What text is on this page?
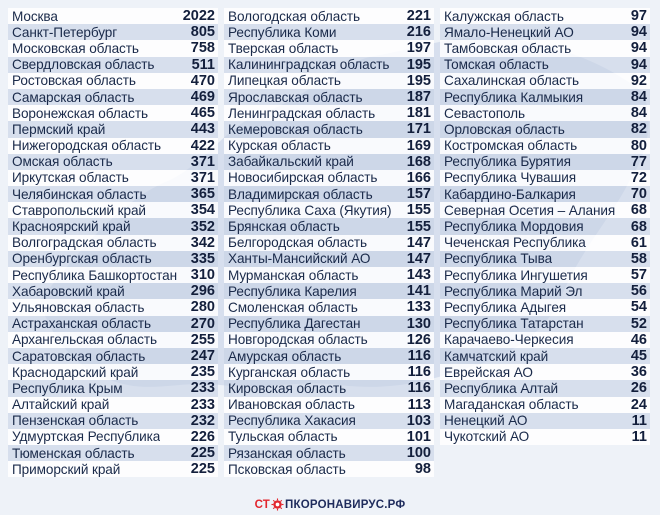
Москва	2022
Санкт-Петербург	805
Московская область	758
Свердловская область	511
Ростовская область	470
Самарская область	469
Воронежская область	465
Пермский край	443
Нижегородская область 422
Омская область	371
Иркутская область	371
Челябинская область	365
Ставропольский край	354
Красноярский край	352
Волгоградская область 342
Оренбургская область	335
Республика Башкортостан 310
Хабаровский край	296
Ульяновская область	280
Астраханская область	270
Архангельская область 255
Саратовская область	247
Краснодарский край	235
Республика Крым	233
Алтайский край	233
Пензенская область	232
Удмуртская Республика 226
Тюменская область	225
Приморский край	225
Вологодская область	221
Республика Коми	216
Тверская область	197
Калининградская область 195
Липецкая область	195
Ярославская область	187
Ленинградская область 181
Кемеровская область	171
Курская область	169
Забайкальский край	168
Новосибирская область 166
Владимирская область 157
Республика Саха (Якутия) 155
Брянская область	155
Белгородская область	147
Ханты-Мансийский АО	147
Мурманская область	143
Республика Карелия	141
Смоленская область	133
Республика Дагестан	130
Новгородская область	126
Амурская область	116
Курганская область	116
Кировская область	116
Ивановская область	113
Республика Хакасия	103
Тульская область	101
Рязанская область	100
Псковская область	98
Калужская область	97
Ямало-Ненецкий АО	94
Тамбовская область	94
Томская область	94
Сахалинская область	92
Республика Калмыкия	84
Севастополь	84
Орловская область	82
Костромская область	80
Республика Бурятия	77
Республика Чувашия	72
Кабардино-Балкария	70
Северная Осетия – Алания 68
Республика Мордовия	68
Чеченская Республика	61
Республика Тыва	58
Республика Ингушетия	57
Республика Марий Эл	56
Республика Адыгея	54
Республика Татарстан	52
Карачаево-Черкесия	46
Камчатский край	45
Еврейская АО	36
Республика Алтай	26
Магаданская область	24
Ненецкий АО	11
Чукотский АО	11
СТ ПКОРОНАВИРУС.РФ
